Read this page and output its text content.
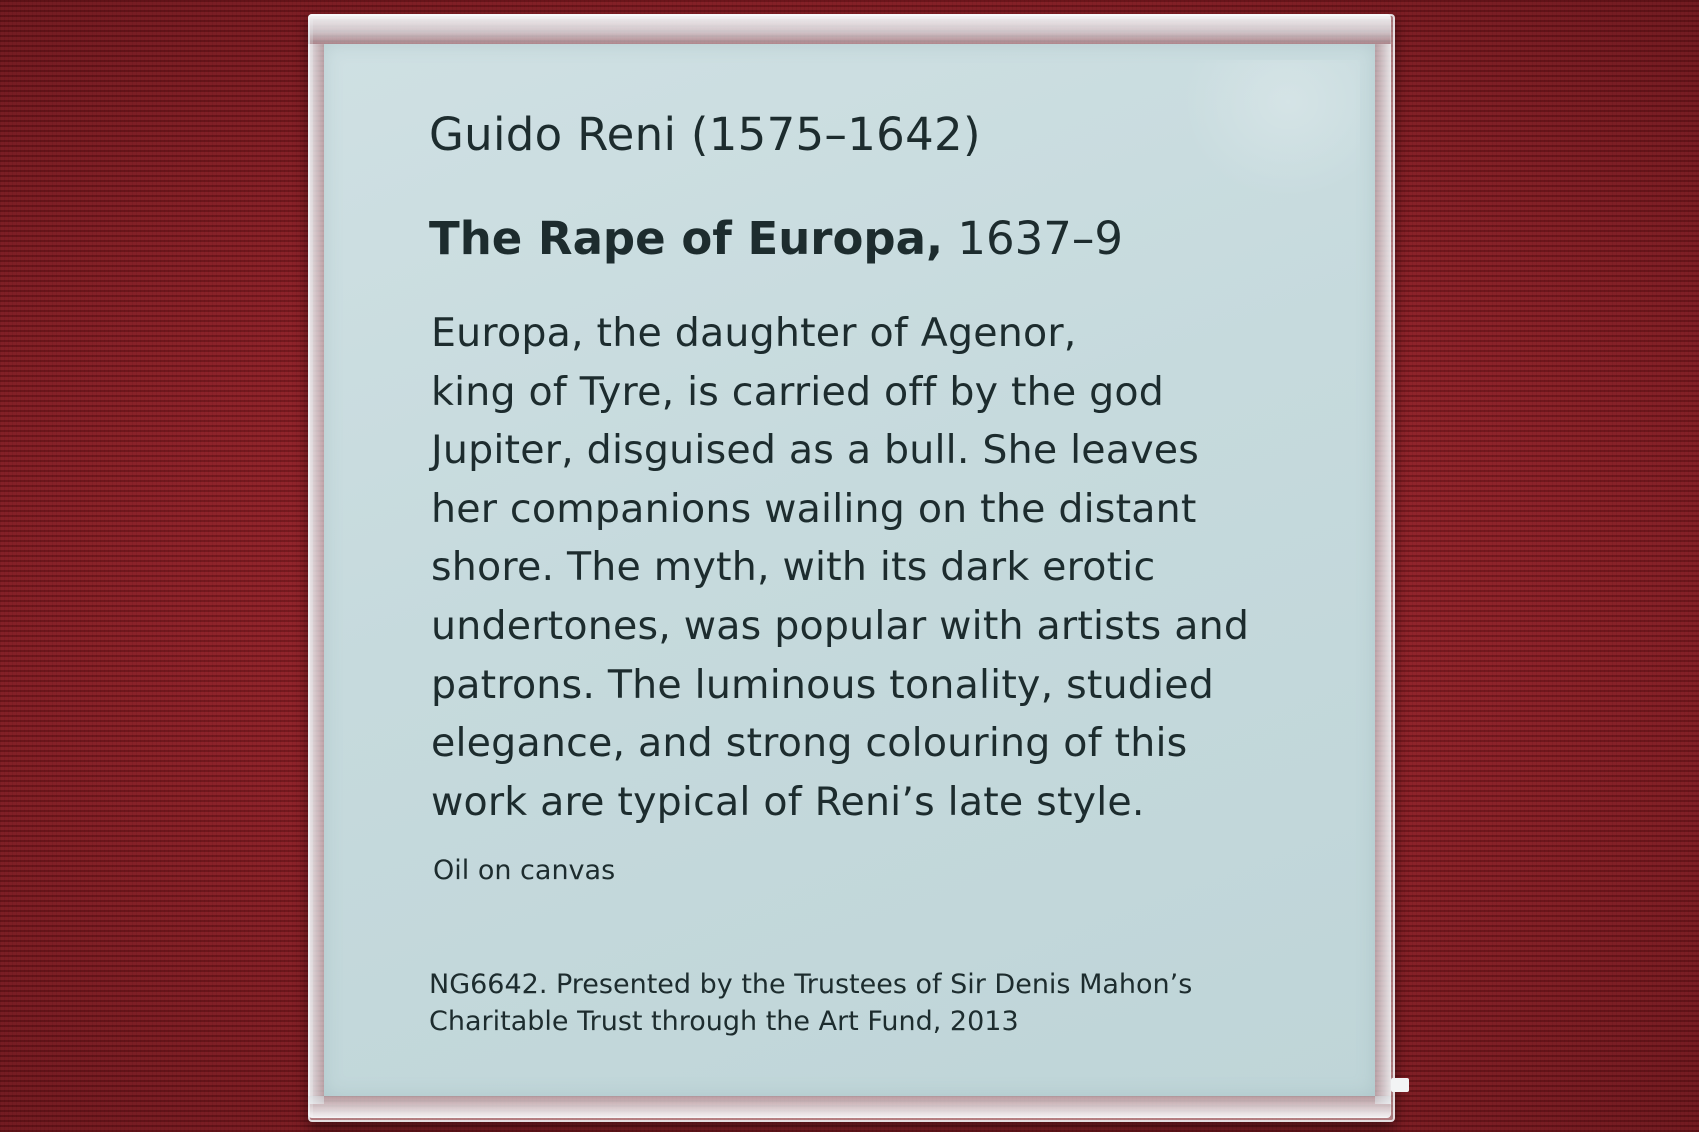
Guido Reni (1575–1642)

The Rape of Europa, 1637–9

Europa, the daughter of Agenor,
king of Tyre, is carried off by the god
Jupiter, disguised as a bull. She leaves
her companions wailing on the distant
shore. The myth, with its dark erotic
undertones, was popular with artists and
patrons. The luminous tonality, studied
elegance, and strong colouring of this
work are typical of Reni’s late style.

Oil on canvas

NG6642. Presented by the Trustees of Sir Denis Mahon’s
Charitable Trust through the Art Fund, 2013
